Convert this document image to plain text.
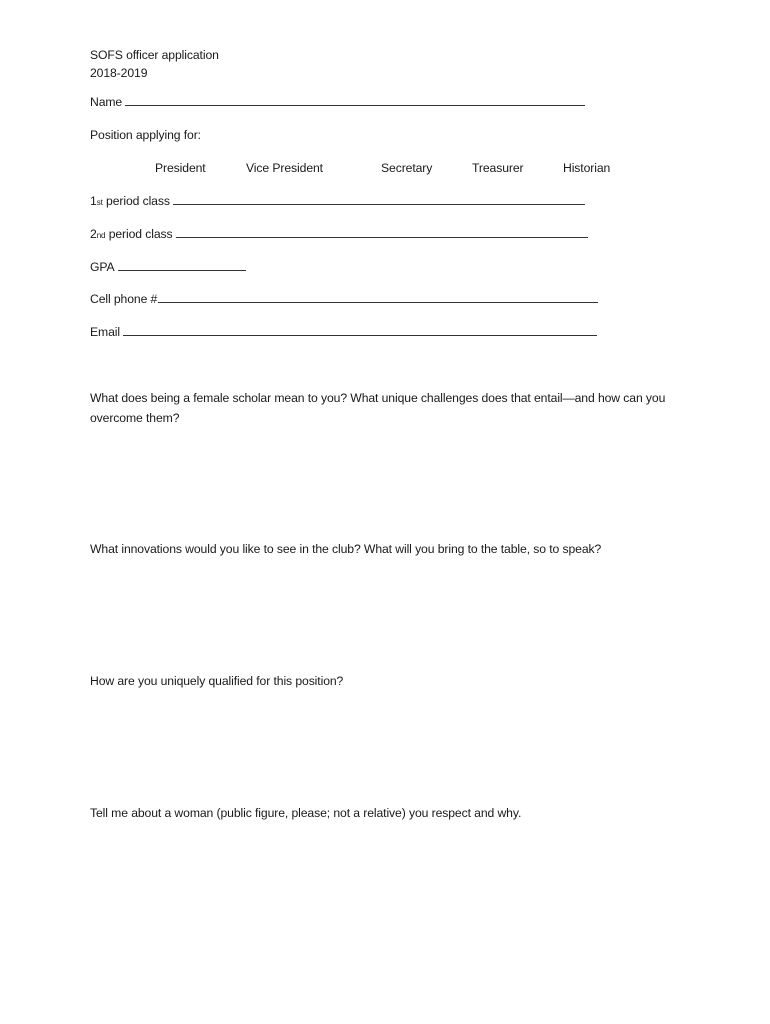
SOFS officer application
2018-2019
Name
Position applying for:
President	Vice President	Secretary	Treasurer	Historian
1 st
period class
2 nd
period class
GPA
Cell phone #
Email
What does being a female scholar mean to you? What unique challenges does that entail—and how can you overcome them?
What innovations would you like to see in the club? What will you bring to the table, so to speak?
How are you uniquely qualified for this position?
Tell me about a woman (public figure, please; not a relative) you respect and why.
